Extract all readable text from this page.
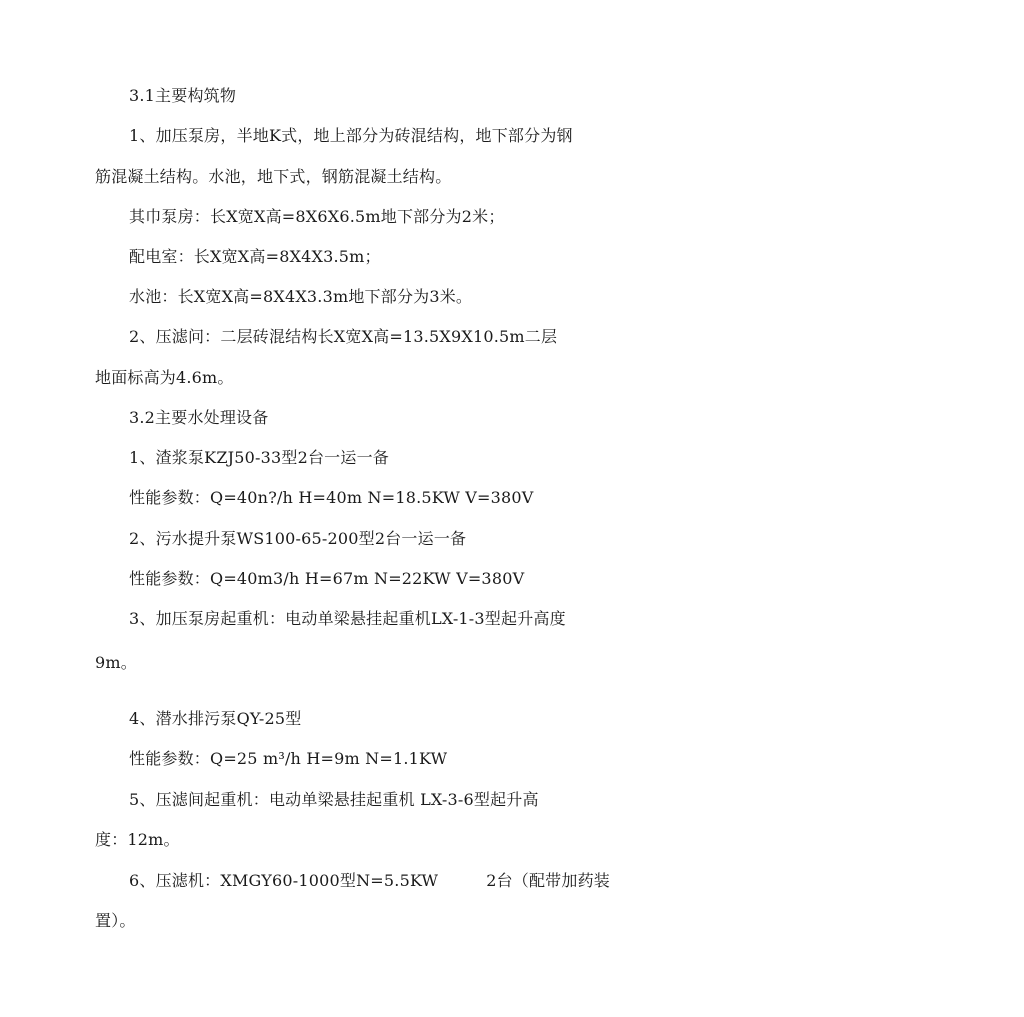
3.1主要构筑物
1、加压泵房，半地K式，地上部分为砖混结构，地下部分为钢
筋混凝土结构。水池，地下式，钢筋混凝土结构。
其巾泵房：长X宽X高=8X6X6.5m地下部分为2米；
配电室：长X宽X高=8X4X3.5m；
水池：长X宽X高=8X4X3.3m地下部分为3米。
2、压滤问：二层砖混结构长X宽X高=13.5X9X10.5m二层
地面标高为4.6m。
3.2主要水处理设备
1、渣浆泵KZJ50-33型2台一运一备
性能参数：Q=40n?/h H=40m N=18.5KW V=380V
2、污水提升泵WS100-65-200型2台一运一备
性能参数：Q=40m3/h H=67m N=22KW V=380V
3、加压泵房起重机：电动单梁悬挂起重机LX-1-3型起升高度
9m。
4、潜水排污泵QY-25型
性能参数：Q=25 m³/h H=9m N=1.1KW
5、压滤间起重机：电动单梁悬挂起重机 LX-3-6型起升高
度：12m。
6、压滤机：XMGY60-1000型N=5.5KW	2台（配带加药装
置）。
